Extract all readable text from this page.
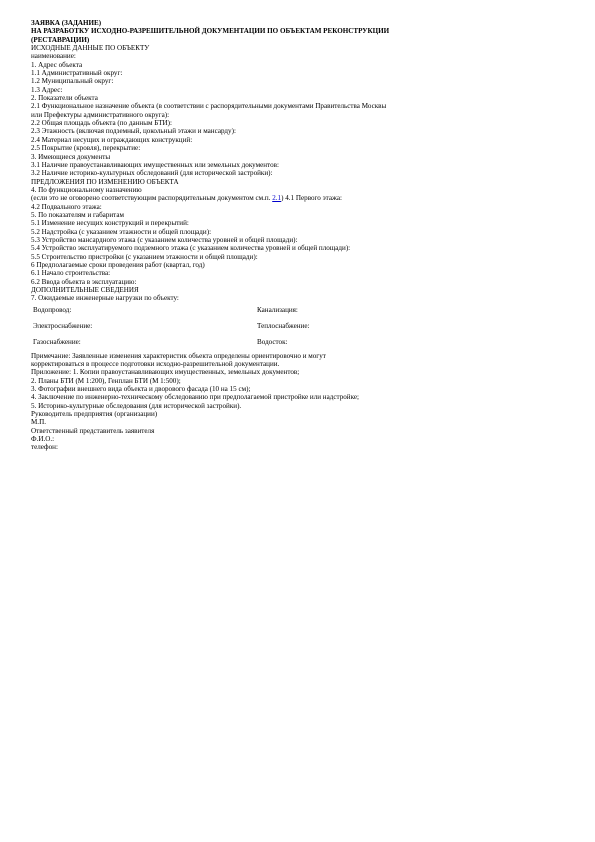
ЗАЯВКА (ЗАДАНИЕ)
НА РАЗРАБОТКУ ИСХОДНО-РАЗРЕШИТЕЛЬНОЙ ДОКУМЕНТАЦИИ ПО ОБЪЕКТАМ РЕКОНСТРУКЦИИ
(РЕСТАВРАЦИИ)
ИСХОДНЫЕ ДАННЫЕ ПО ОБЪЕКТУ
наименование:
1. Адрес объекта
1.1 Административный округ:
1.2 Муниципальный округ:
1.3 Адрес:
2. Показатели объекта
2.1 Функциональное назначение объекта (в соответствии с распорядительными документами Правительства Москвы
или Префектуры административного округа):
2.2 Общая площадь объекта (по данным БТИ):
2.3 Этажность (включая подземный, цокольный этажи и мансарду):
2.4 Материал несущих и ограждающих конструкций:
2.5 Покрытие (кровля), перекрытие:
3. Имеющиеся документы
3.1 Наличие правоустанавливающих имущественных или земельных документов:
3.2 Наличие историко-культурных обследований (для исторической застройки):
ПРЕДЛОЖЕНИЯ ПО ИЗМЕНЕНИЮ ОБЪЕКТА
4. По функциональному назначению
(если это не оговорено соответствующим распорядительным документом см.п. 2.1) 4.1 Первого этажа:
4.2 Подвального этажа:
5. По показателям и габаритам
5.1 Изменение несущих конструкций и перекрытий:
5.2 Надстройка (с указанием этажности и общей площади):
5.3 Устройство мансардного этажа (с указанием количества уровней и общей площади):
5.4 Устройство эксплуатируемого подземного этажа (с указанием количества уровней и общей площади):
5.5 Строительство пристройки (с указанием этажности и общей площади):
6 Предполагаемые сроки проведения работ (квартал, год)
6.1 Начало строительства:
6.2 Ввода объекта в эксплуатацию:
ДОПОЛНИТЕЛЬНЫЕ СВЕДЕНИЯ
7. Ожидаемые инженерные нагрузки по объекту:
Водопровод:	Канализация:
Электроснабжение:	Теплоснабжение:
Газоснабжение:	Водосток:
Примечание: Заявленные изменения характеристик объекта определены ориентировочно и могут
корректироваться в процессе подготовки исходно-разрешительной документации.
Приложение: 1. Копии правоустанавливающих имущественных, земельных документов;
2. Планы БТИ (М 1:200), Генплан БТИ (М 1:500);
3. Фотографии внешнего вида объекта и дворового фасада (10 на 15 см);
4. Заключение по инженерно-техническому обследованию при предполагаемой пристройке или надстройке;
5. Историко-культурные обследования (для исторической застройки).
Руководитель предприятия (организации)
М.П.
Ответственный представитель заявителя
Ф.И.О.:
телефон:
